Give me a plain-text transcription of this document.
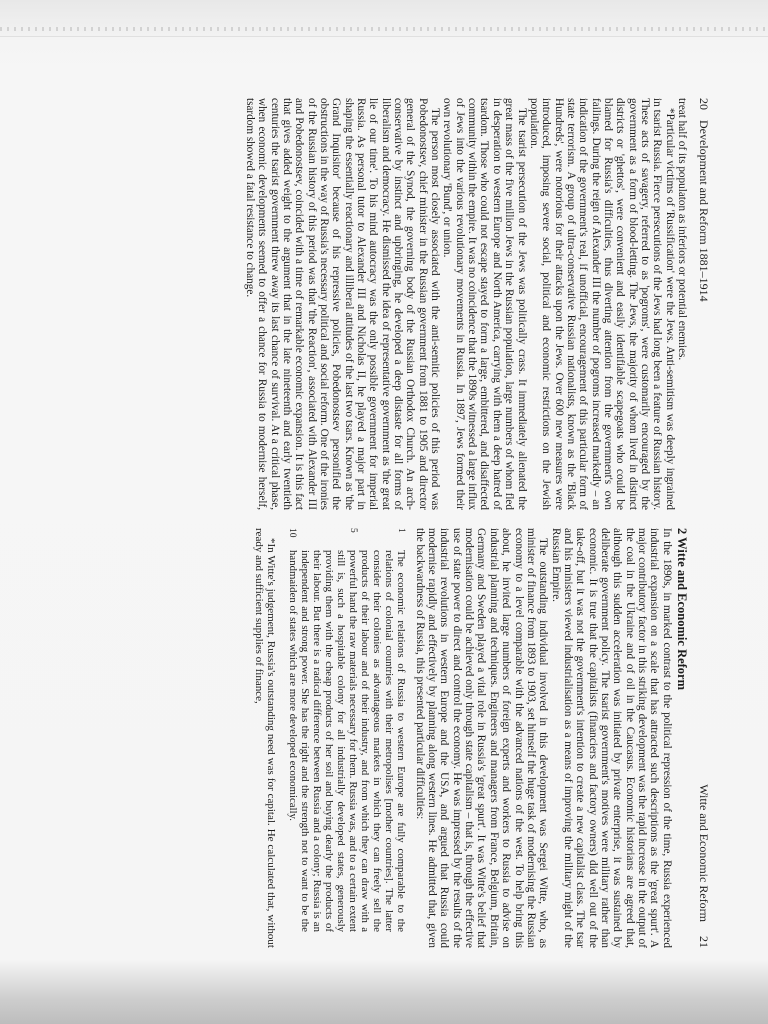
20
Development and Reform 1881–1914

treat half of its populaton as inferiors or potential enemies.

*Particular victims of 'Russification' were the Jews. Anti-semitism was deeply ingrained in tsarist Russia. Fierce persecutions of the Jews had long been a feature of Russian history. These acts of savagery, referred to as 'pogroms', were customarily encouraged by the government as a form of blood-letting. The Jews, the majority of whom lived in distinct districts or 'ghettos', were convenient and easily identifiable scapegoats who could be blamed for Russia's difficulties, thus diverting attention from the government's own failings. During the reign of Alexander III the number of pogroms increased markedly – an indication of the government's real, if unofficial, encouragement of this particular form of state terrorism. A group of ultra-conservative Russian nationalists, known as the 'Black Hundreds', were notorious for their attacks upon the Jews. Over 600 new measures were introduced, imposing severe social, political and economic restrictions on the Jewish population.

The tsarist persecution of the Jews was politically crass. It immediately alienated the great mass of the five million Jews in the Russian population, large numbers of whom fled in desperation to western Europe and North America, carrying with them a deep hatred of tsardom. Those who could not escape stayed to form a large, embittered, and disaffected community within the empire. It was no coincidence that the 1890s witnessed a large influx of Jews into the various revolutionary movements in Russia. In 1897, Jews formed their own revolutionary 'Bund', or union.

The person most closely associated with the anti-semitic policies of this period was Pobedonostsev, chief minister in the Russian government from 1881 to 1905 and director general of the Synod, the governing body of the Russian Orthodox Church. An arch-conservative by instinct and upbringing, he developed a deep distaste for all forms of liberalism and democracy. He dismissed the idea of representative government as 'the great lie of our time'. To his mind autocracy was the only possible government for imperial Russia. As personal tutor to Alexander III and Nicholas II, he played a major part in shaping the essentially reactionary and illiberal attitudes of the last two tsars. Known as 'the Grand Inquisitor' because of his repressive policies, Pobedonostsev personified the obstructions in the way of Russia's necessary political and social reform. One of the ironies of the Russian history of this period was that 'the Reaction', associated with Alexander III and Pobedonostsev, coincided with a time of remarkable economic expansion. It is this fact that gives added weight to the argument that in the late nineteenth and early twentieth centuries the tsarist government threw away its last chance of survival. At a critical phase, when economic developments seemed to offer a chance for Russia to modernise herself, tsardom showed a fatal resistance to change.

Witte and Economic Reform
21
2 Witte and Economic Reform

In the 1890s, in marked contrast to the political repression of the time, Russia experienced industrial expansion on a scale that has attracted such descriptions as the 'great spurt'. A major contributory factor in this striking development was the rapid increase in the output of the coal in the Ukraine and of oil in the Caucasus. Economic historians are agreed that, although this sudden acceleration was initiated by private enterprise, it was sustained by deliberate government policy. The tsarist government's motives were military rather than economic. It is true that the capitalists (financiers and factory owners) did well out of the take-off, but it was not the government's intention to create a new capitalist class. The tsar and his ministers viewed industrialisation as a means of improving the military might of the Russian Empire.

The outstanding individual involved in this development was Sergei Witte, who, as minister of finance from 1893 to 1903, set himself the huge task of modernising the Russian economy to a level comparable with the advanced nations of the west. To help bring this about, he invited large numbers of foreign experts and workers to Russia to advise on industrial planning and techniques. Engineers and managers from France, Belgium, Britain, Germany and Sweden played a vital role in Russia's 'great spurt'. It was Witte's belief that modernisation could be achieved only through state capitalism – that is, through the effective use of state power to direct and control the economy. He was impressed by the results of the industrial revolutions in western Europe and the USA, and argued that Russia could modernise rapidly and effectively by planning along western lines. He admitted that, given the backwardness of Russia, this presented particular difficulties:

1
5
10

The economic relations of Russia to western Europe are fully comparable to the relations of colonial countries with their metropolises [mother countries]. The latter consider their colonies as advantageous markets in which they can freely sell the products of their labour and of their industry, and from which they can draw with a powerful hand the raw materials necessary for them. Russia was, and to a certain extent still is, such a hospitable colony for all industrially developed states, generously providing them with the cheap products of her soil and buying dearly the products of their labour. But there is a radical difference between Russia and a colony; Russia is an independent and strong power. She has the right and the strength not to want to be the handmaiden of states which are more developed economically.

*In Witte's judgement, Russia's outstanding need was for capital. He calculated that, without ready and sufficient supplies of finance,
